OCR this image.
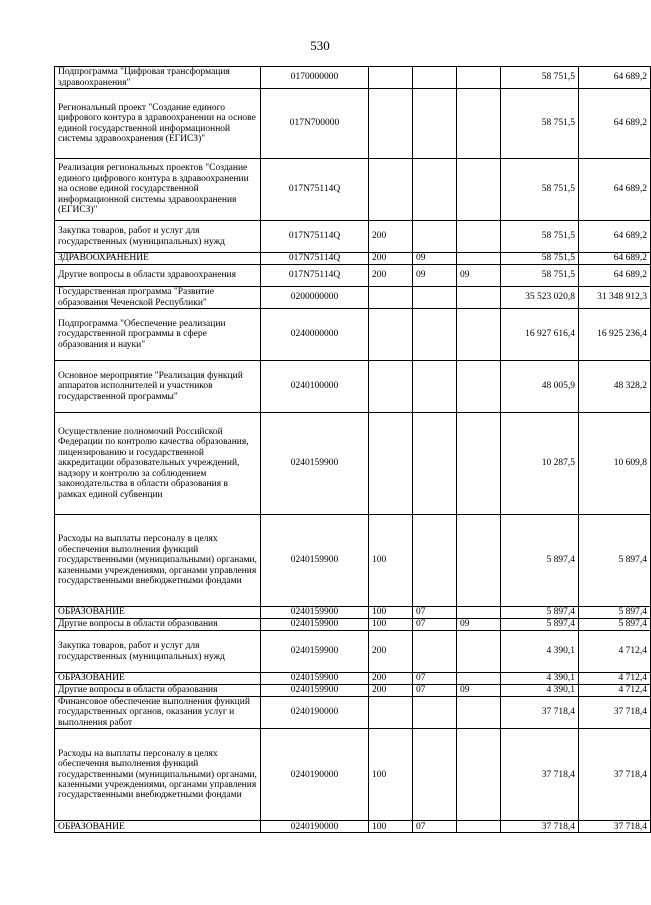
530
Подпрограмма "Цифровая трансформация здравоохранения"	0170000000				58 751,5	64 689,2
Региональный проект "Создание единого цифрового контура в здравоохранении на основе единой государственной информационной системы здравоохранения (ЕГИСЗ)"	017N700000				58 751,5	64 689,2
Реализация региональных проектов "Создание единого цифрового контура в здравоохранении на основе единой государственной информационной системы здравоохранения (ЕГИСЗ)"	017N75114Q				58 751,5	64 689,2
Закупка товаров, работ и услуг для государственных (муниципальных) нужд	017N75114Q	200			58 751,5	64 689,2
ЗДРАВООХРАНЕНИЕ	017N75114Q	200	09		58 751,5	64 689,2
Другие вопросы в области здравоохранения	017N75114Q	200	09	09	58 751,5	64 689,2
Государственная программа "Развитие образования Чеченской Республики"	0200000000				35 523 020,8	31 348 912,3
Подпрограмма "Обеспечение реализации государственной программы в сфере образования и науки"	0240000000				16 927 616,4	16 925 236,4
Основное мероприятие "Реализация функций аппаратов исполнителей и участников государственной программы"	0240100000				48 005,9	48 328,2
Осуществление полномочий Российской Федерации по контролю качества образования, лицензированию и государственной аккредитации образовательных учреждений, надзору и контролю за соблюдением законодательства в области образования в рамках единой субвенции	0240159900				10 287,5	10 609,8
Расходы на выплаты персоналу в целях обеспечения выполнения функций государственными (муниципальными) органами, казенными учреждениями, органами управления государственными внебюджетными фондами	0240159900	100			5 897,4	5 897,4
ОБРАЗОВАНИЕ	0240159900	100	07		5 897,4	5 897,4
Другие вопросы в области образования	0240159900	100	07	09	5 897,4	5 897,4
Закупка товаров, работ и услуг для государственных (муниципальных) нужд	0240159900	200			4 390,1	4 712,4
ОБРАЗОВАНИЕ	0240159900	200	07		4 390,1	4 712,4
Другие вопросы в области образования	0240159900	200	07	09	4 390,1	4 712,4
Финансовое обеспечение выполнения функций государственных органов, оказания услуг и выполнения работ	0240190000				37 718,4	37 718,4
Расходы на выплаты персоналу в целях обеспечения выполнения функций государственными (муниципальными) органами, казенными учреждениями, органами управления государственными внебюджетными фондами	0240190000	100			37 718,4	37 718,4
ОБРАЗОВАНИЕ	0240190000	100	07		37 718,4	37 718,4
